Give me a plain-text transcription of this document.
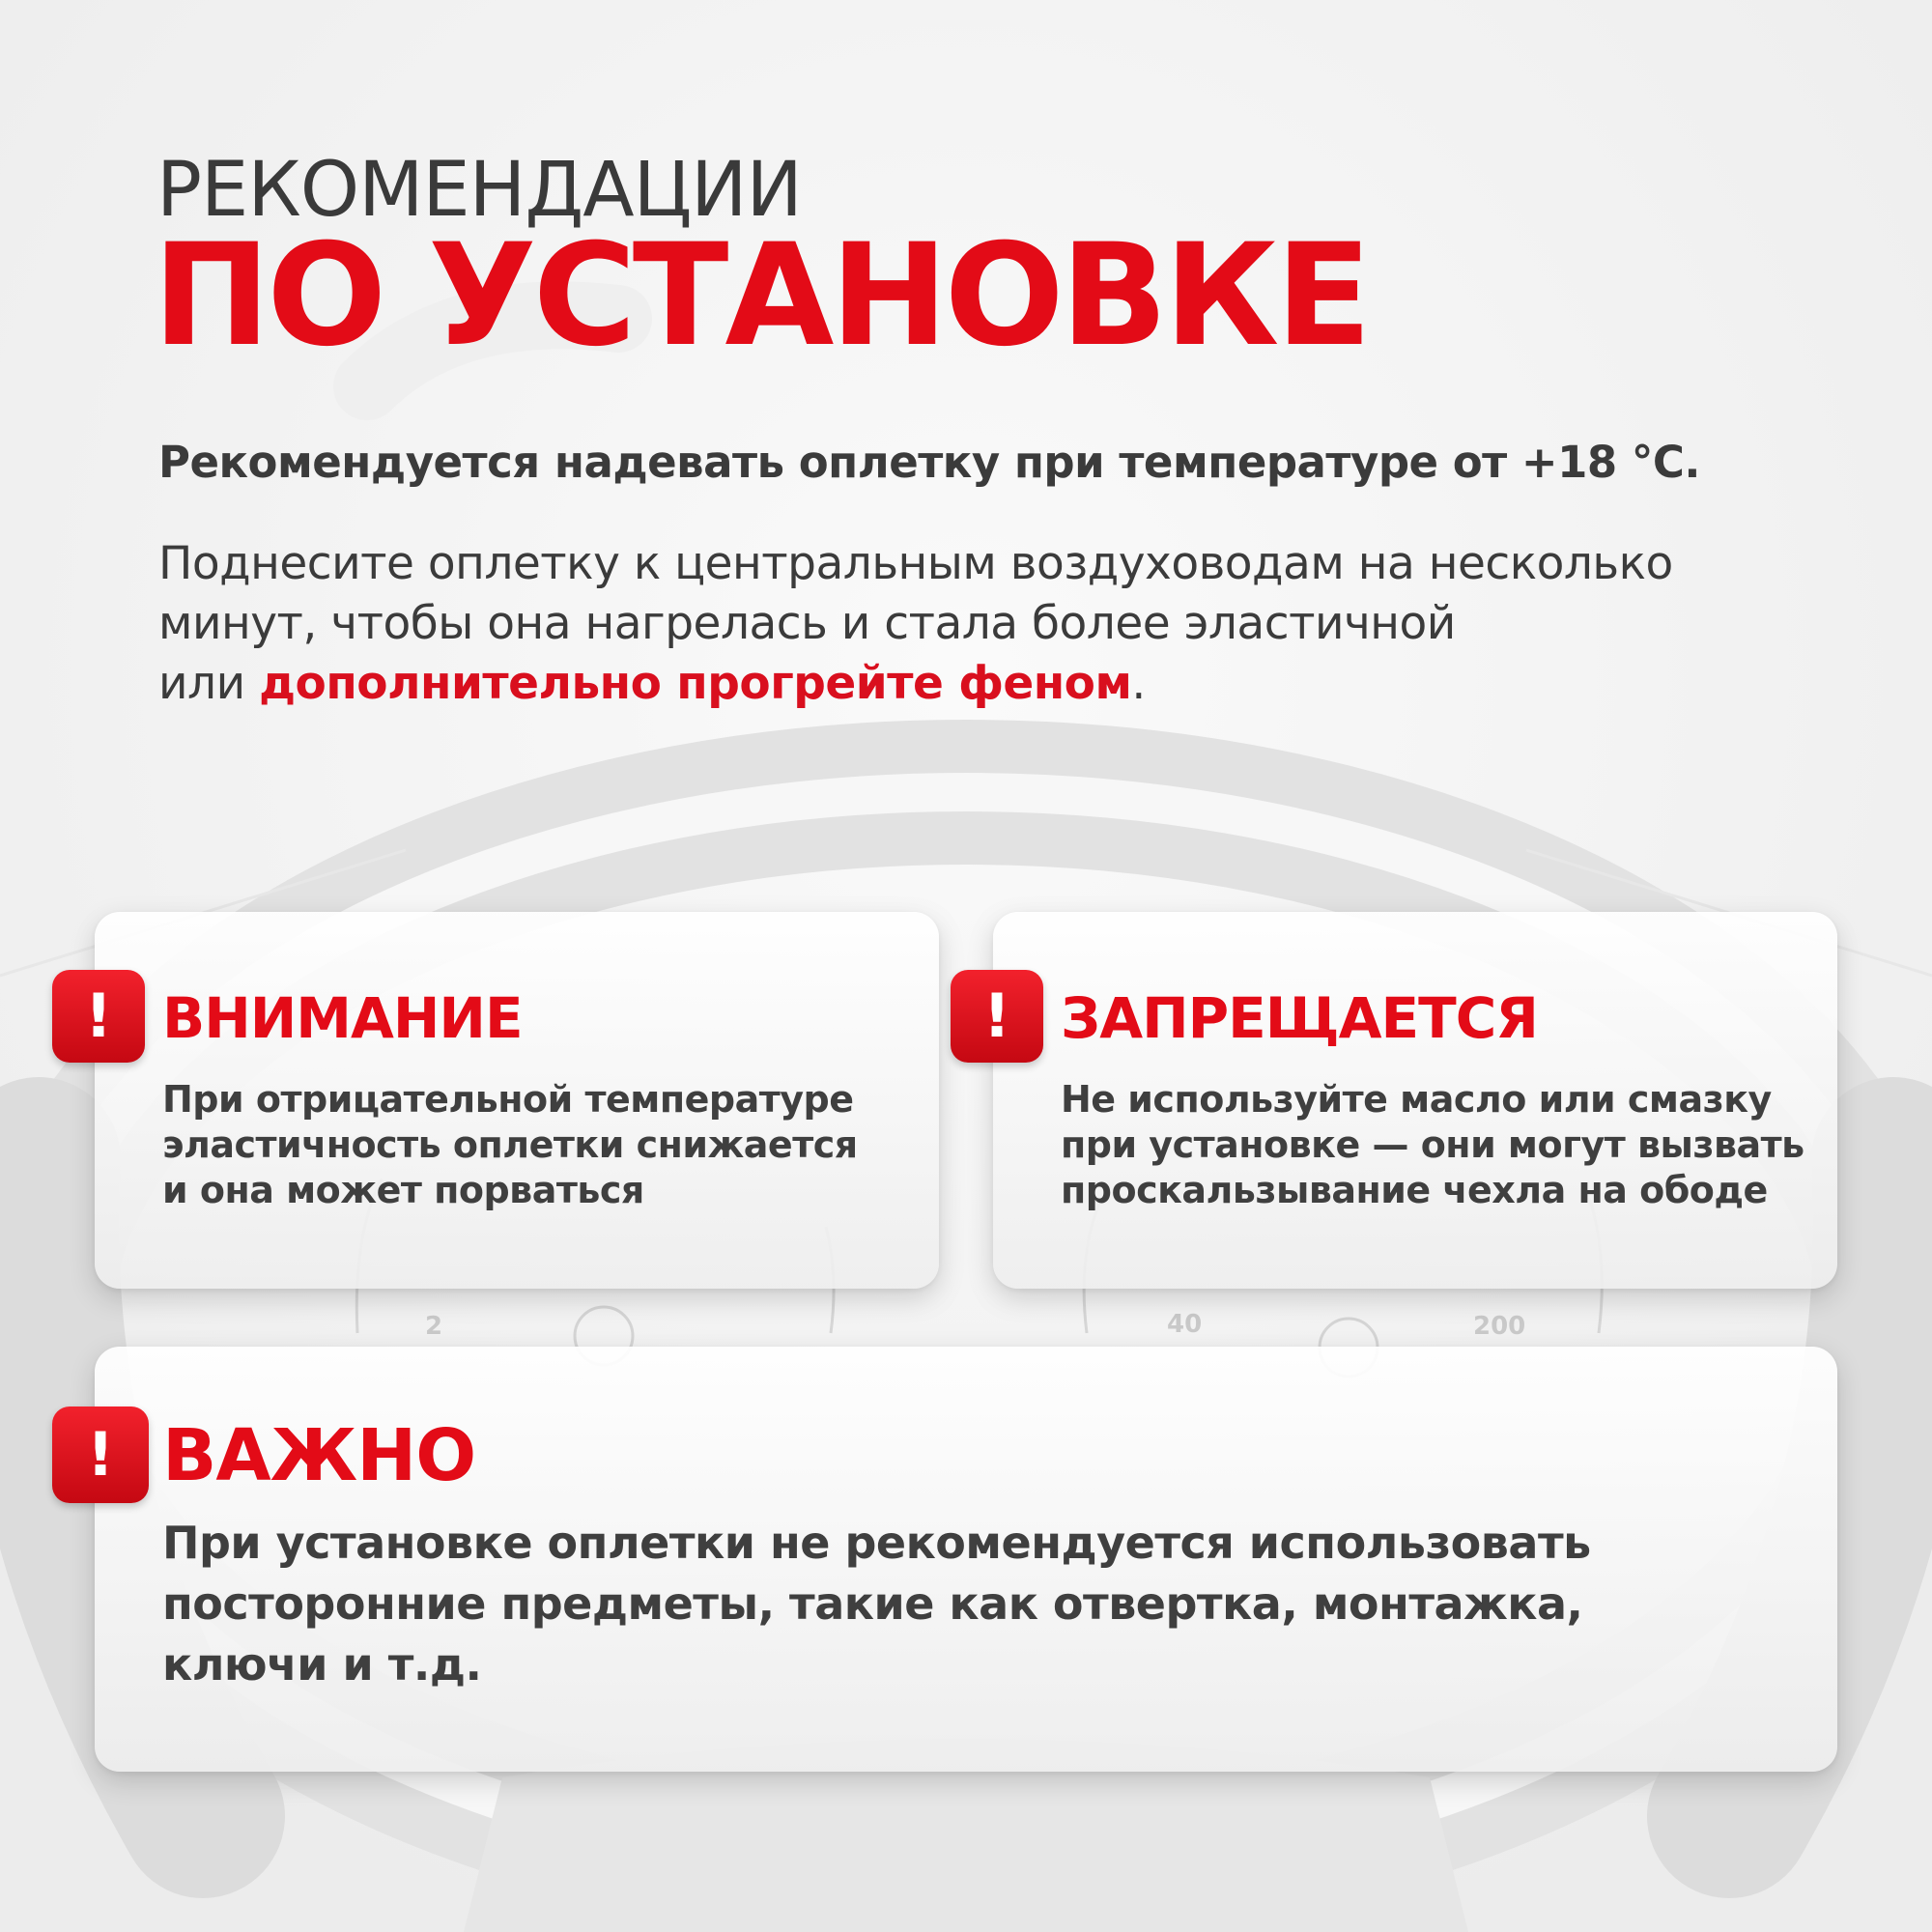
2	40	200
РЕКОМЕНДАЦИИ
ПО УСТАНОВКЕ
Рекомендуется надевать оплетку при температуре от +18 °C.
Поднесите оплетку к центральным воздуховодам на несколько
минут, чтобы она нагрелась и стала более эластичной
или дополнительно прогрейте феном.
! ВНИМАНИЕ
При отрицательной температуре
эластичность оплетки снижается
и она может порваться
! ЗАПРЕЩАЕТСЯ
Не используйте масло или смазку
при установке — они могут вызвать
проскальзывание чехла на ободе
! ВАЖНО
При установке оплетки не рекомендуется использовать
посторонние предметы, такие как отвертка, монтажка,
ключи и т.д.
